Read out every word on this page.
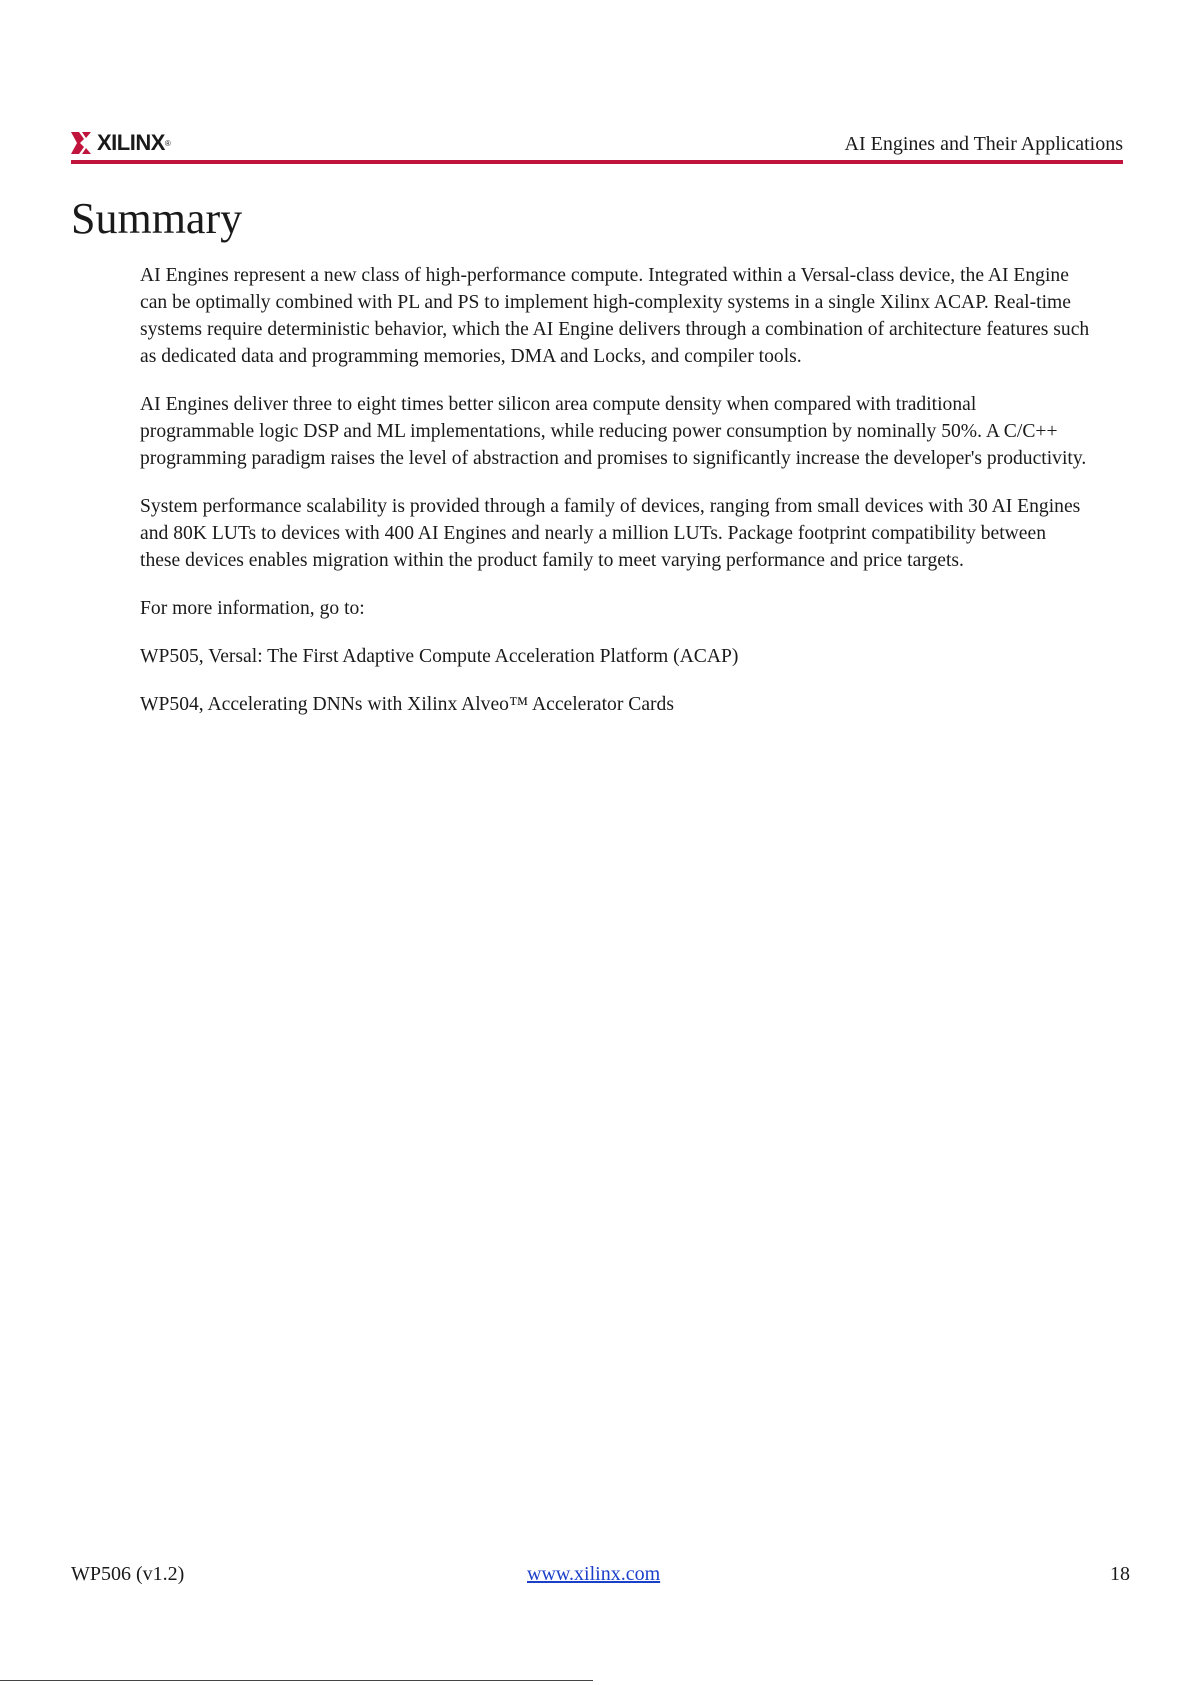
XILINX ®	AI Engines and Their Applications
Summary

AI Engines represent a new class of high-performance compute. Integrated within a Versal-class device, the AI Engine can be optimally combined with PL and PS to implement high-complexity systems in a single Xilinx ACAP. Real-time systems require deterministic behavior, which the AI Engine delivers through a combination of architecture features such as dedicated data and programming memories, DMA and Locks, and compiler tools.

AI Engines deliver three to eight times better silicon area compute density when compared with traditional programmable logic DSP and ML implementations, while reducing power consumption by nominally 50%. A C/C++ programming paradigm raises the level of abstraction and promises to significantly increase the developer's productivity.

System performance scalability is provided through a family of devices, ranging from small devices with 30 AI Engines and 80K LUTs to devices with 400 AI Engines and nearly a million LUTs. Package footprint compatibility between these devices enables migration within the product family to meet varying performance and price targets.

For more information, go to:

WP505, Versal: The First Adaptive Compute Acceleration Platform (ACAP)

WP504, Accelerating DNNs with Xilinx Alveo™ Accelerator Cards

WP506 (v1.2)	www.xilinx.com	18
